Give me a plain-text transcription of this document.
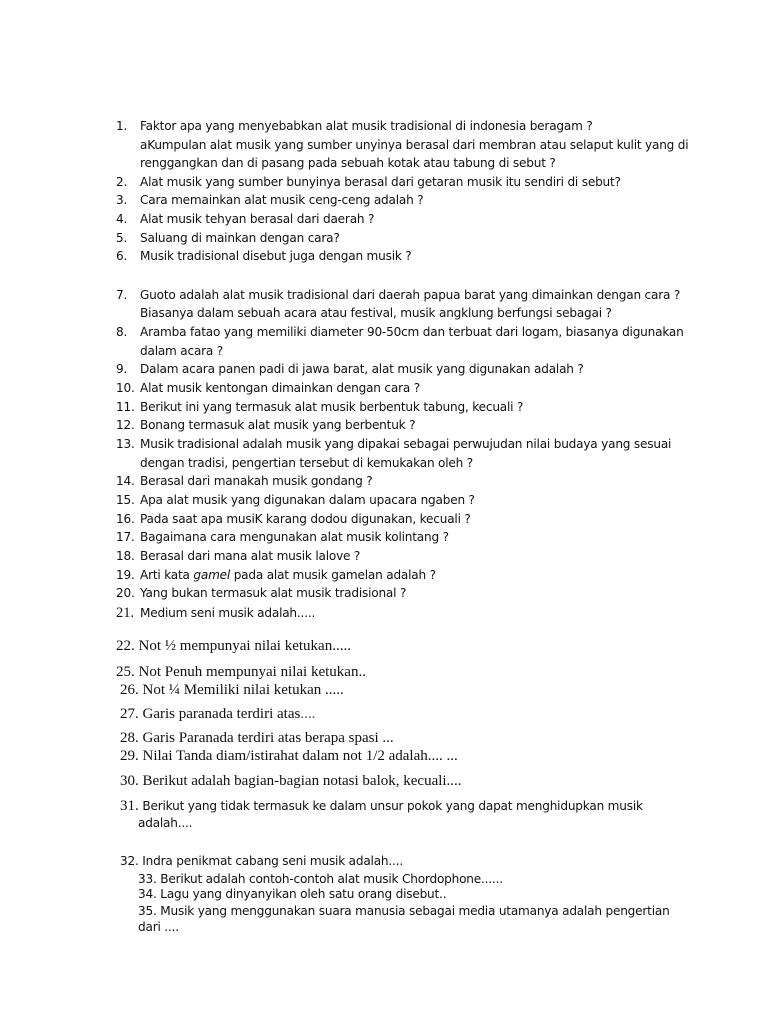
1. Faktor apa yang menyebabkan alat musik tradisional di indonesia beragam ?
aKumpulan alat musik yang sumber unyinya berasal dari membran atau selaput kulit yang di
renggangkan dan di pasang pada sebuah kotak atau tabung di sebut ?
2. Alat musik yang sumber bunyinya berasal dari getaran musik itu sendiri di sebut?
3. Cara memainkan alat musik ceng-ceng adalah ?
4. Alat musik tehyan berasal dari daerah ?
5. Saluang di mainkan dengan cara?
6. Musik tradisional disebut juga dengan musik ?
7. Guoto adalah alat musik tradisional dari daerah papua barat yang dimainkan dengan cara ?
Biasanya dalam sebuah acara atau festival, musik angklung berfungsi sebagai ?
8. Aramba fatao yang memiliki diameter 90-50cm dan terbuat dari logam, biasanya digunakan
dalam acara ?
9. Dalam acara panen padi di jawa barat, alat musik yang digunakan adalah ?
10. Alat musik kentongan dimainkan dengan cara ?
11. Berikut ini yang termasuk alat musik berbentuk tabung, kecuali ?
12. Bonang termasuk alat musik yang berbentuk ?
13. Musik tradisional adalah musik yang dipakai sebagai perwujudan nilai budaya yang sesuai
dengan tradisi, pengertian tersebut di kemukakan oleh ?
14. Berasal dari manakah musik gondang ?
15. Apa alat musik yang digunakan dalam upacara ngaben ?
16. Pada saat apa musiK karang dodou digunakan, kecuali ?
17. Bagaimana cara mengunakan alat musik kolintang ?
18. Berasal dari mana alat musik lalove ?
19. Arti kata gamel pada alat musik gamelan adalah ?
20. Yang bukan termasuk alat musik tradisional ?
21. Medium seni musik adalah.....
22. Not ½ mempunyai nilai ketukan.....
25. Not Penuh mempunyai nilai ketukan..
26. Not ¼ Memiliki nilai ketukan .....
27. Garis paranada terdiri atas....
28. Garis Paranada terdiri atas berapa spasi ...
29. Nilai Tanda diam/istirahat dalam not 1/2 adalah.... ...
30. Berikut adalah bagian-bagian notasi balok, kecuali....
31. Berikut yang tidak termasuk ke dalam unsur pokok yang dapat menghidupkan musik
adalah....
32. Indra penikmat cabang seni musik adalah....
33. Berikut adalah contoh-contoh alat musik Chordophone......
34. Lagu yang dinyanyikan oleh satu orang disebut..
35. Musik yang menggunakan suara manusia sebagai media utamanya adalah pengertian
dari ....
